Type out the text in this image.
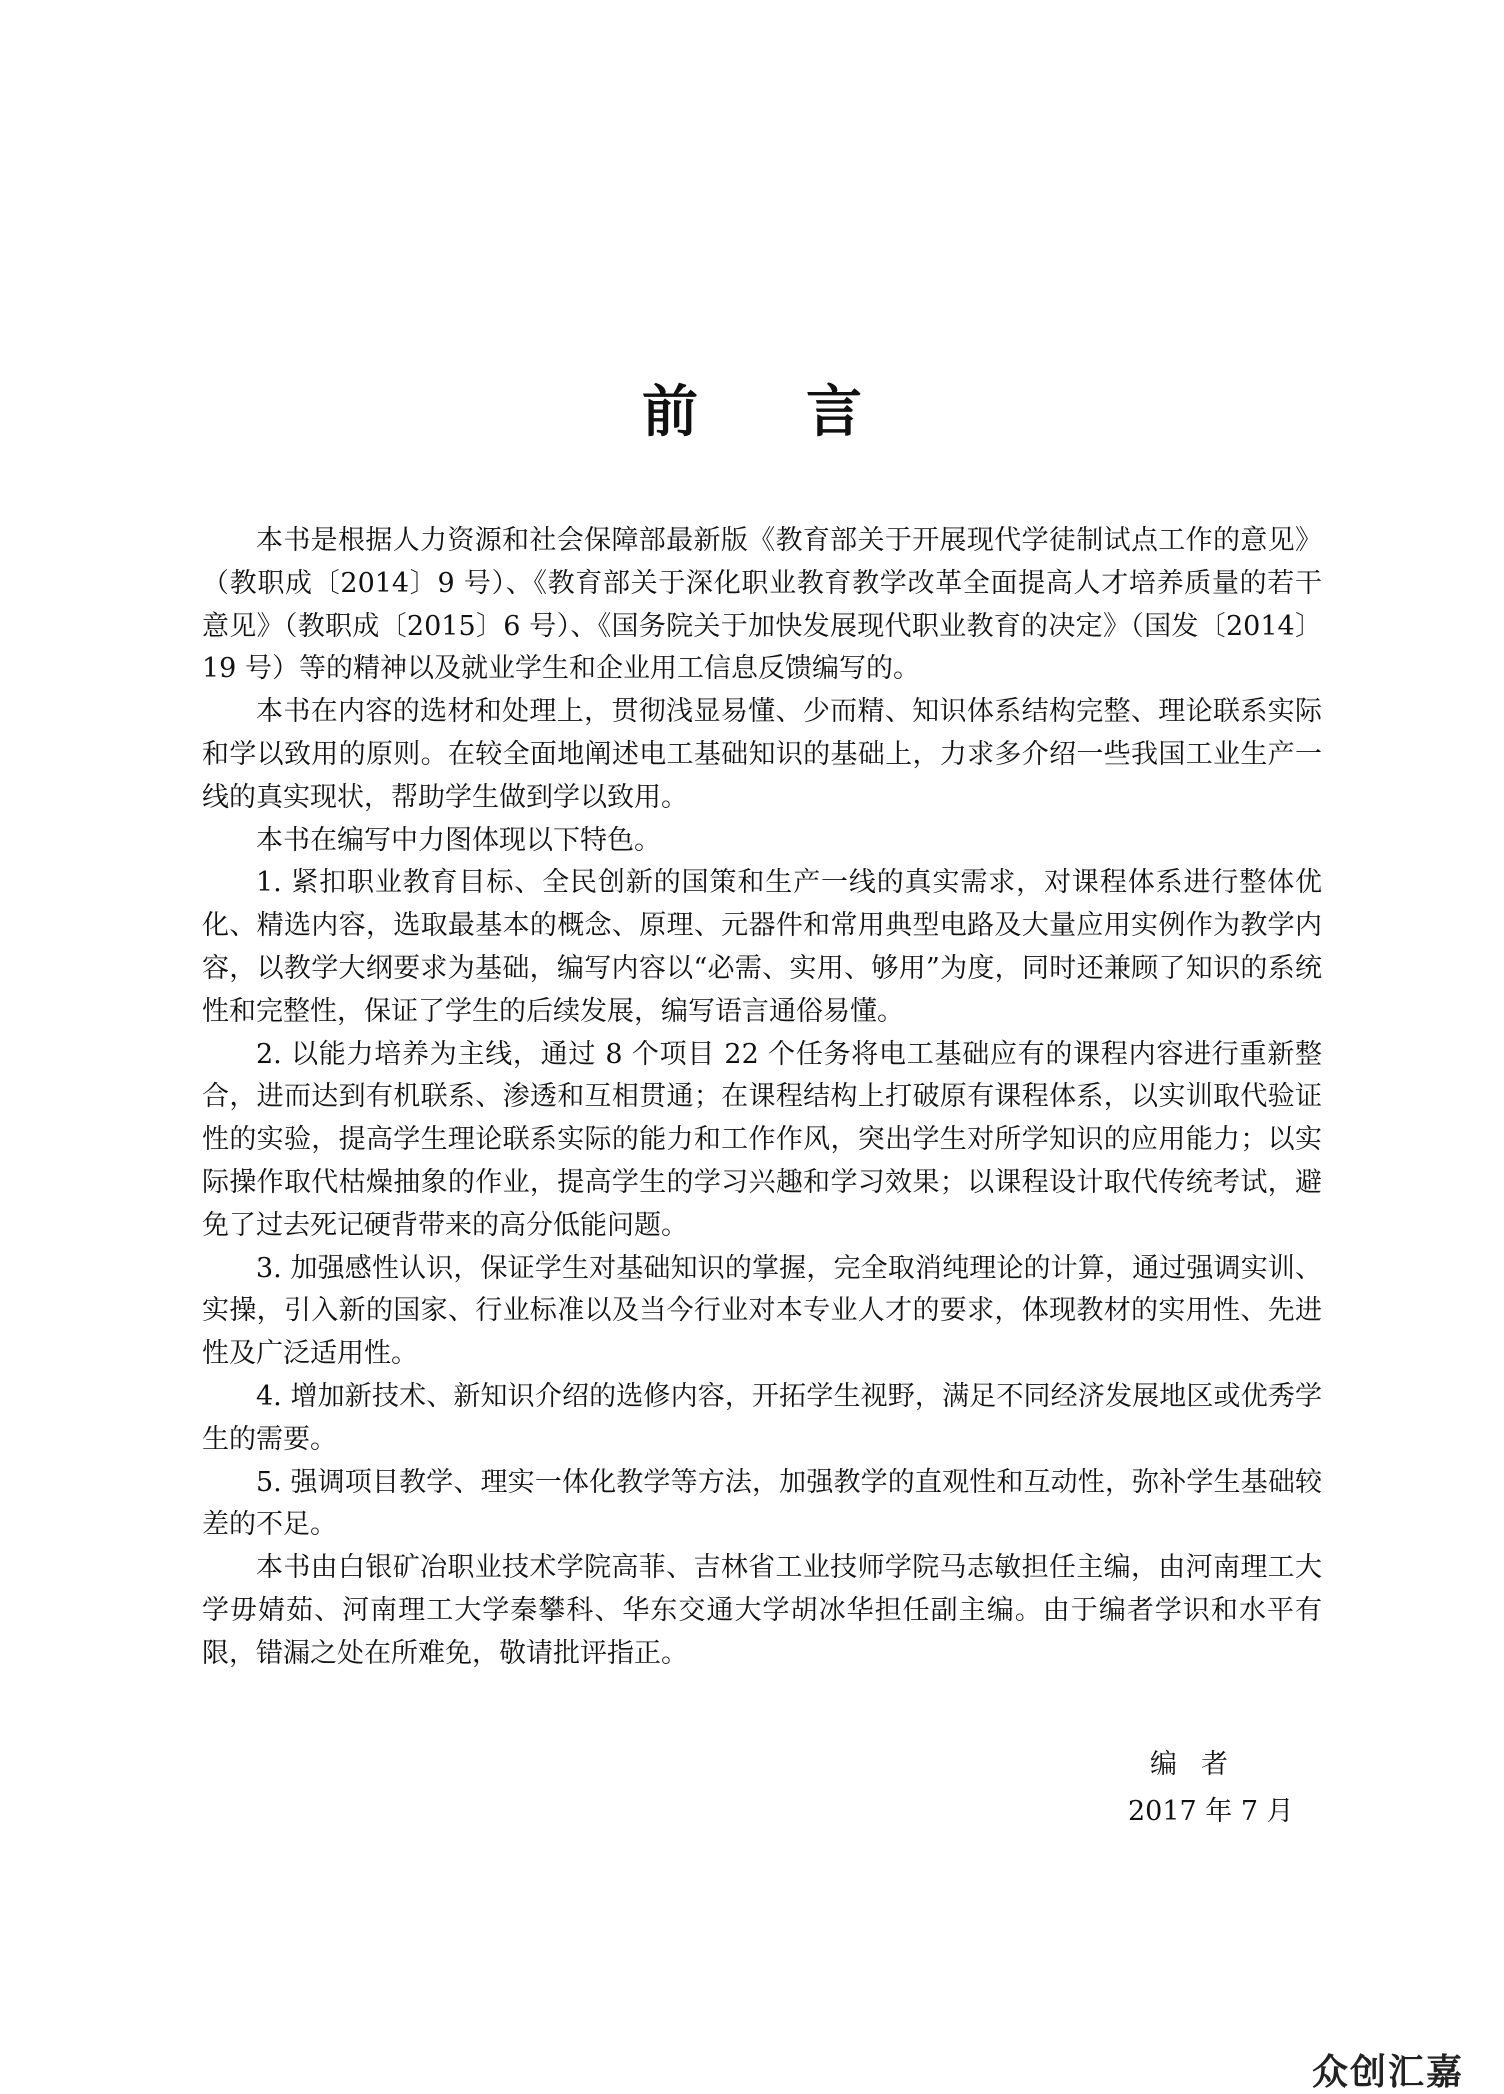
前 言

本书是根据人力资源和社会保障部最新版《教育部关于开展现代学徒制试点工作的意见》（教职成〔2014〕9 号）、《教育部关于深化职业教育教学改革全面提高人才培养质量的若干意见》（教职成〔2015〕6 号）、《国务院关于加快发展现代职业教育的决定》（国发〔2014〕19 号）等的精神以及就业学生和企业用工信息反馈编写的。

本书在内容的选材和处理上，贯彻浅显易懂、少而精、知识体系结构完整、理论联系实际和学以致用的原则。在较全面地阐述电工基础知识的基础上，力求多介绍一些我国工业生产一线的真实现状，帮助学生做到学以致用。

本书在编写中力图体现以下特色。

1. 紧扣职业教育目标、全民创新的国策和生产一线的真实需求，对课程体系进行整体优化、精选内容，选取最基本的概念、原理、元器件和常用典型电路及大量应用实例作为教学内容，以教学大纲要求为基础，编写内容以“必需、实用、够用”为度，同时还兼顾了知识的系统性和完整性，保证了学生的后续发展，编写语言通俗易懂。

2. 以能力培养为主线，通过 8 个项目 22 个任务将电工基础应有的课程内容进行重新整合，进而达到有机联系、渗透和互相贯通；在课程结构上打破原有课程体系，以实训取代验证性的实验，提高学生理论联系实际的能力和工作作风，突出学生对所学知识的应用能力；以实际操作取代枯燥抽象的作业，提高学生的学习兴趣和学习效果；以课程设计取代传统考试，避免了过去死记硬背带来的高分低能问题。

3. 加强感性认识，保证学生对基础知识的掌握，完全取消纯理论的计算，通过强调实训、实操，引入新的国家、行业标准以及当今行业对本专业人才的要求，体现教材的实用性、先进性及广泛适用性。

4. 增加新技术、新知识介绍的选修内容，开拓学生视野，满足不同经济发展地区或优秀学生的需要。

5. 强调项目教学、理实一体化教学等方法，加强教学的直观性和互动性，弥补学生基础较差的不足。

本书由白银矿冶职业技术学院高菲、吉林省工业技师学院马志敏担任主编，由河南理工大学毋婧茹、河南理工大学秦攀科、华东交通大学胡冰华担任副主编。由于编者学识和水平有限，错漏之处在所难免，敬请批评指正。

编者
2017 年 7 月
众创汇嘉
